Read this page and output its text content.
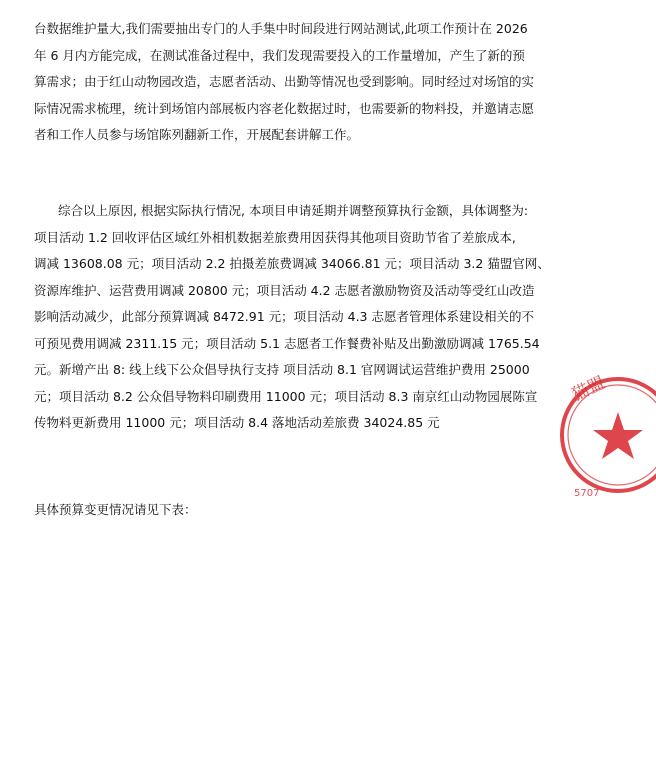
台数据维护量大,我们需要抽出专门的人手集中时间段进行网站测试,此项工作预计在 2026
年 6 月内方能完成，在测试准备过程中，我们发现需要投入的工作量增加，产生了新的预
算需求；由于红山动物园改造，志愿者活动、出勤等情况也受到影响。同时经过对场馆的实
际情况需求梳理，统计到场馆内部展板内容老化数据过时，也需要新的物料投，并邀请志愿
者和工作人员参与场馆陈列翻新工作，开展配套讲解工作。
综合以上原因, 根据实际执行情况, 本项目申请延期并调整预算执行金额，具体调整为:
项目活动 1.2 回收评估区域红外相机数据差旅费用因获得其他项目资助节省了差旅成本,
调减 13608.08 元；项目活动 2.2 拍摄差旅费调减 34066.81 元；项目活动 3.2 猫盟官网、
资源库维护、运营费用调减 20800 元；项目活动 4.2 志愿者激励物资及活动等受红山改造
影响活动减少，此部分预算调减 8472.91 元；项目活动 4.3 志愿者管理体系建设相关的不
可预见费用调减 2311.15 元；项目活动 5.1 志愿者工作餐费补贴及出勤激励调减 1765.54
元。新增产出 8: 线上线下公众倡导执行支持 项目活动 8.1 官网调试运营维护费用 25000
元；项目活动 8.2 公众倡导物料印刷费用 11000 元；项目活动 8.3 南京红山动物园展陈宣
传物料更新费用 11000 元；项目活动 8.4 落地活动差旅费 34024.85 元
具体预算变更情况请见下表：
猫盟
5707
